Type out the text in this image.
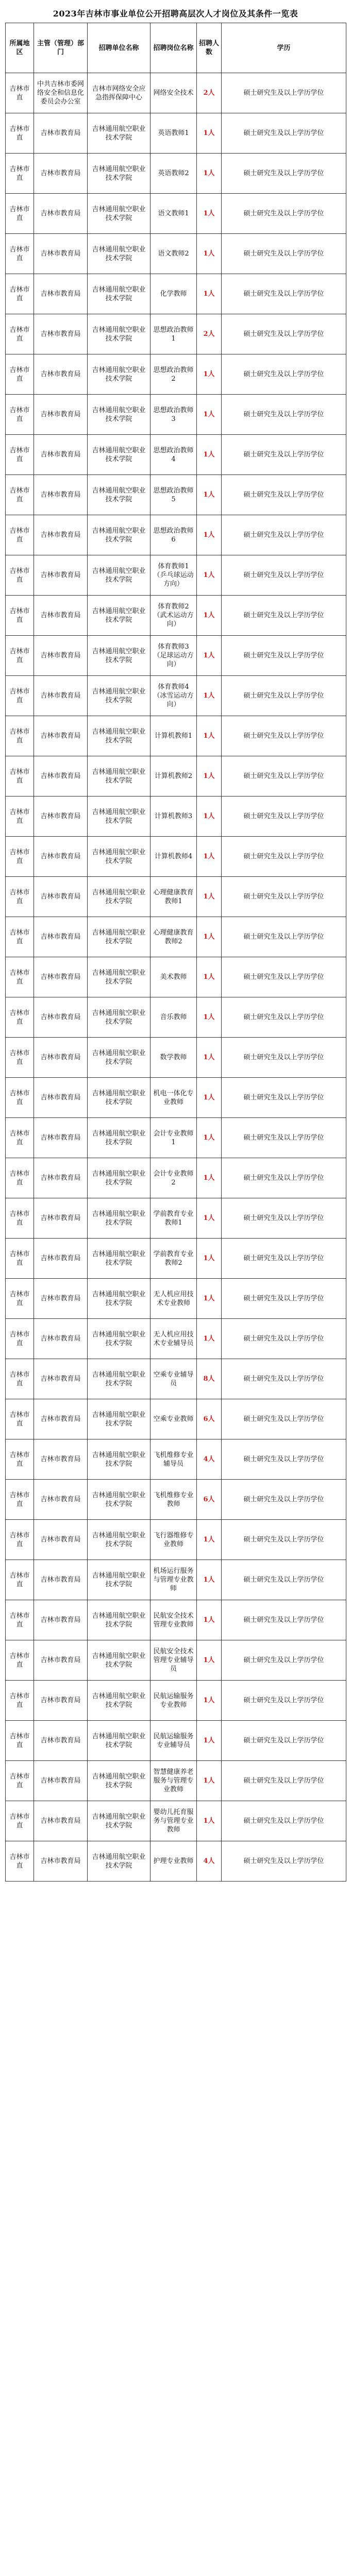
2023年吉林市事业单位公开招聘高层次人才岗位及其条件一览表
所属地区	主管（管理）部门	招聘单位名称	招聘岗位名称	招聘人数	学历
吉林市直	中共吉林市委网络安全和信息化委员会办公室	吉林市网络安全应急指挥保障中心	网络安全技术	2人	硕士研究生及以上学历学位
吉林市直	吉林市教育局	吉林通用航空职业技术学院	英语教师1	1人	硕士研究生及以上学历学位
吉林市直	吉林市教育局	吉林通用航空职业技术学院	英语教师2	1人	硕士研究生及以上学历学位
吉林市直	吉林市教育局	吉林通用航空职业技术学院	语文教师1	1人	硕士研究生及以上学历学位
吉林市直	吉林市教育局	吉林通用航空职业技术学院	语文教师2	1人	硕士研究生及以上学历学位
吉林市直	吉林市教育局	吉林通用航空职业技术学院	化学教师	1人	硕士研究生及以上学历学位
吉林市直	吉林市教育局	吉林通用航空职业技术学院	思想政治教师1	2人	硕士研究生及以上学历学位
吉林市直	吉林市教育局	吉林通用航空职业技术学院	思想政治教师2	1人	硕士研究生及以上学历学位
吉林市直	吉林市教育局	吉林通用航空职业技术学院	思想政治教师3	1人	硕士研究生及以上学历学位
吉林市直	吉林市教育局	吉林通用航空职业技术学院	思想政治教师4	1人	硕士研究生及以上学历学位
吉林市直	吉林市教育局	吉林通用航空职业技术学院	思想政治教师5	1人	硕士研究生及以上学历学位
吉林市直	吉林市教育局	吉林通用航空职业技术学院	思想政治教师6	1人	硕士研究生及以上学历学位
吉林市直	吉林市教育局	吉林通用航空职业技术学院	体育教师1（乒乓球运动方向）	1人	硕士研究生及以上学历学位
吉林市直	吉林市教育局	吉林通用航空职业技术学院	体育教师2（武术运动方向）	1人	硕士研究生及以上学历学位
吉林市直	吉林市教育局	吉林通用航空职业技术学院	体育教师3（足球运动方向）	1人	硕士研究生及以上学历学位
吉林市直	吉林市教育局	吉林通用航空职业技术学院	体育教师4（冰雪运动方向）	1人	硕士研究生及以上学历学位
吉林市直	吉林市教育局	吉林通用航空职业技术学院	计算机教师1	1人	硕士研究生及以上学历学位
吉林市直	吉林市教育局	吉林通用航空职业技术学院	计算机教师2	1人	硕士研究生及以上学历学位
吉林市直	吉林市教育局	吉林通用航空职业技术学院	计算机教师3	1人	硕士研究生及以上学历学位
吉林市直	吉林市教育局	吉林通用航空职业技术学院	计算机教师4	1人	硕士研究生及以上学历学位
吉林市直	吉林市教育局	吉林通用航空职业技术学院	心理健康教育教师1	1人	硕士研究生及以上学历学位
吉林市直	吉林市教育局	吉林通用航空职业技术学院	心理健康教育教师2	1人	硕士研究生及以上学历学位
吉林市直	吉林市教育局	吉林通用航空职业技术学院	美术教师	1人	硕士研究生及以上学历学位
吉林市直	吉林市教育局	吉林通用航空职业技术学院	音乐教师	1人	硕士研究生及以上学历学位
吉林市直	吉林市教育局	吉林通用航空职业技术学院	数学教师	1人	硕士研究生及以上学历学位
吉林市直	吉林市教育局	吉林通用航空职业技术学院	机电一体化专业教师	1人	硕士研究生及以上学历学位
吉林市直	吉林市教育局	吉林通用航空职业技术学院	会计专业教师1	1人	硕士研究生及以上学历学位
吉林市直	吉林市教育局	吉林通用航空职业技术学院	会计专业教师2	1人	硕士研究生及以上学历学位
吉林市直	吉林市教育局	吉林通用航空职业技术学院	学前教育专业教师1	1人	硕士研究生及以上学历学位
吉林市直	吉林市教育局	吉林通用航空职业技术学院	学前教育专业教师2	1人	硕士研究生及以上学历学位
吉林市直	吉林市教育局	吉林通用航空职业技术学院	无人机应用技术专业教师	1人	硕士研究生及以上学历学位
吉林市直	吉林市教育局	吉林通用航空职业技术学院	无人机应用技术专业辅导员	1人	硕士研究生及以上学历学位
吉林市直	吉林市教育局	吉林通用航空职业技术学院	空乘专业辅导员	8人	硕士研究生及以上学历学位
吉林市直	吉林市教育局	吉林通用航空职业技术学院	空乘专业教师	6人	硕士研究生及以上学历学位
吉林市直	吉林市教育局	吉林通用航空职业技术学院	飞机维修专业辅导员	4人	硕士研究生及以上学历学位
吉林市直	吉林市教育局	吉林通用航空职业技术学院	飞机维修专业教师	6人	硕士研究生及以上学历学位
吉林市直	吉林市教育局	吉林通用航空职业技术学院	飞行器维修专业教师	1人	硕士研究生及以上学历学位
吉林市直	吉林市教育局	吉林通用航空职业技术学院	机场运行服务与管理专业教师	1人	硕士研究生及以上学历学位
吉林市直	吉林市教育局	吉林通用航空职业技术学院	民航安全技术管理专业教师	1人	硕士研究生及以上学历学位
吉林市直	吉林市教育局	吉林通用航空职业技术学院	民航安全技术管理专业辅导员	1人	硕士研究生及以上学历学位
吉林市直	吉林市教育局	吉林通用航空职业技术学院	民航运输服务专业教师	1人	硕士研究生及以上学历学位
吉林市直	吉林市教育局	吉林通用航空职业技术学院	民航运输服务专业辅导员	1人	硕士研究生及以上学历学位
吉林市直	吉林市教育局	吉林通用航空职业技术学院	智慧健康养老服务与管理专业教师	1人	硕士研究生及以上学历学位
吉林市直	吉林市教育局	吉林通用航空职业技术学院	婴幼儿托育服务与管理专业教师	1人	硕士研究生及以上学历学位
吉林市直	吉林市教育局	吉林通用航空职业技术学院	护理专业教师	4人	硕士研究生及以上学历学位
